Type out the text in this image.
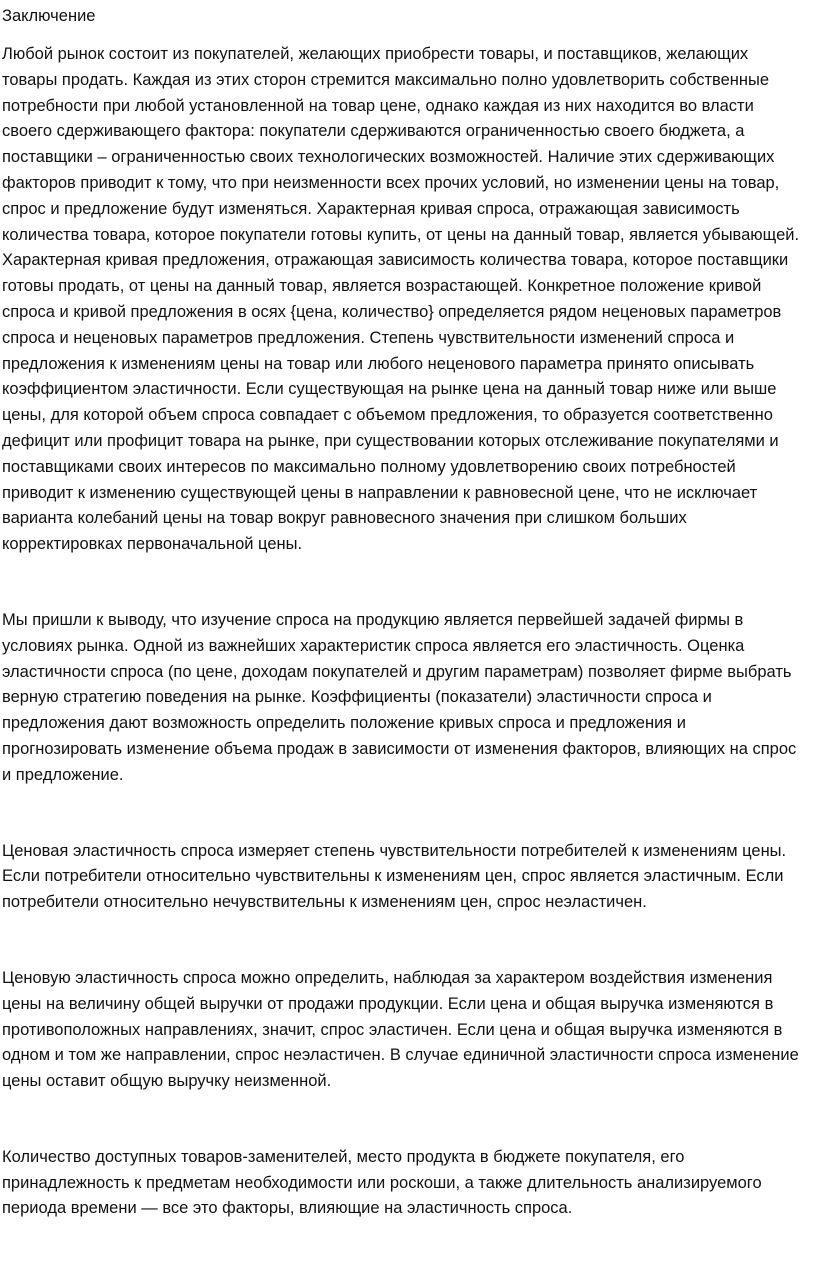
Заключение

Любой рынок состоит из покупателей, желающих приобрести товары, и поставщиков, желающих товары продать. Каждая из этих сторон стремится максимально полно удовлетворить собственные потребности при любой установленной на товар цене, однако каждая из них находится во власти своего сдерживающего фактора: покупатели сдерживаются ограниченностью своего бюджета, а поставщики – ограниченностью своих технологических возможностей. Наличие этих сдерживающих факторов приводит к тому, что при неизменности всех прочих условий, но изменении цены на товар, спрос и предложение будут изменяться. Характерная кривая спроса, отражающая зависимость количества товара, которое покупатели готовы купить, от цены на данный товар, является убывающей. Характерная кривая предложения, отражающая зависимость количества товара, которое поставщики готовы продать, от цены на данный товар, является возрастающей. Конкретное положение кривой спроса и кривой предложения в осях {цена, количество} определяется рядом неценовых параметров спроса и неценовых параметров предложения. Степень чувствительности изменений спроса и предложения к изменениям цены на товар или любого неценового параметра принято описывать коэффициентом эластичности. Если существующая на рынке цена на данный товар ниже или выше цены, для которой объем спроса совпадает с объемом предложения, то образуется соответственно дефицит или профицит товара на рынке, при существовании которых отслеживание покупателями и поставщиками своих интересов по максимально полному удовлетворению своих потребностей приводит к изменению существующей цены в направлении к равновесной цене, что не исключает варианта колебаний цены на товар вокруг равновесного значения при слишком больших корректировках первоначальной цены.

Мы пришли к выводу, что изучение спроса на продукцию является первейшей задачей фирмы в условиях рынка. Одной из важнейших характеристик спроса является его эластичность. Оценка эластичности спроса (по цене, доходам покупателей и другим параметрам) позволяет фирме выбрать верную стратегию поведения на рынке. Коэффициенты (показатели) эластичности спроса и предложения дают возможность определить положение кривых спроса и предложения и прогнозировать изменение объема продаж в зависимости от изменения факторов, влияющих на спрос и предложение.

Ценовая эластичность спроса измеряет степень чувствительности потребителей к изменениям цены. Если потребители относительно чувствительны к изменениям цен, спрос является эластичным. Если потребители относительно нечувствительны к изменениям цен, спрос неэластичен.

Ценовую эластичность спроса можно определить, наблюдая за характером воздействия изменения цены на величину общей выручки от продажи продукции. Если цена и общая выручка изменяются в противоположных направлениях, значит, спрос эластичен. Если цена и общая выручка изменяются в одном и том же направлении, спрос неэластичен. В случае единичной эластичности спроса изменение цены оставит общую выручку неизменной.

Количество доступных товаров-заменителей, место продукта в бюджете покупателя, его принадлежность к предметам необходимости или роскоши, а также длительность анализируемого периода времени — все это факторы, влияющие на эластичность спроса.
